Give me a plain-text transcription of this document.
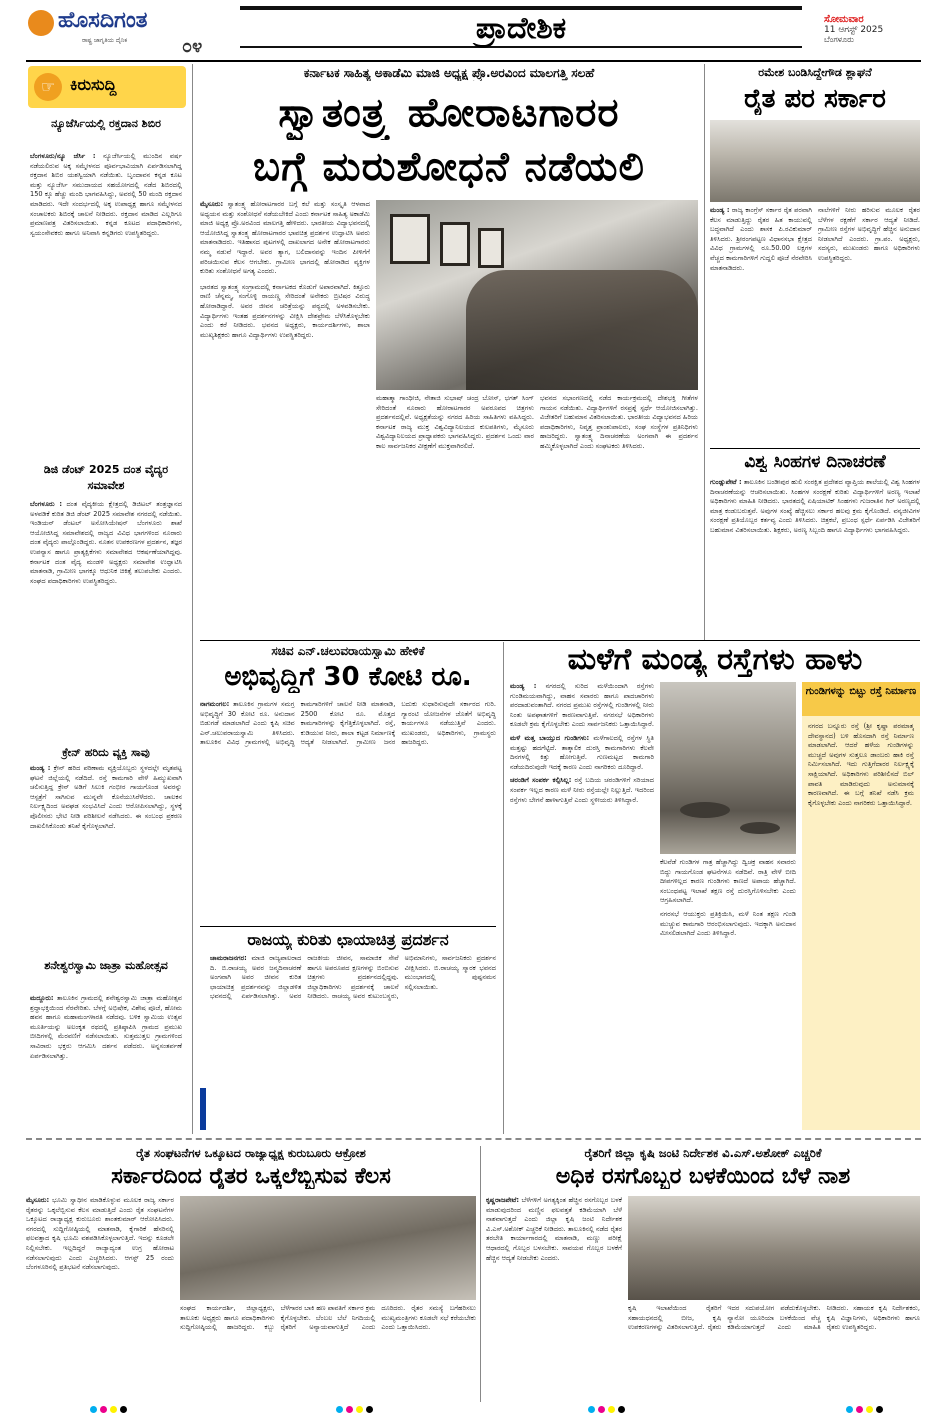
ಹೊಸದಿಗಂತ
ರಾಷ್ಟ್ರ ಜಾಗೃತಿಯ ದೈನಿಕ	೦೪
ಪ್ರಾದೇಶಿಕ	ಸೋಮವಾರ
11 ಆಗಸ್ಟ್ 2025
ಬೆಂಗಳೂರು
☞ ಕಿರುಸುದ್ದಿ
ನ್ಯೂಜೆರ್ಸಿಯಲ್ಲಿ ರಕ್ತದಾನ ಶಿಬಿರ
ಬೆಂಗಳೂರು/ನ್ಯೂ ಜೆರ್ಸಿ : ನ್ಯೂಜೆರ್ಸಿಯಲ್ಲಿ ಮುಂದಿನ ವರ್ಷ ನಡೆಯಲಿರುವ ಅಕ್ಕ ಸಮ್ಮೇಳನದ ಪೂರ್ವಭಾವಿಯಾಗಿ ಏರ್ಪಡಿಸಲಾಗಿದ್ದ ರಕ್ತದಾನ ಶಿಬಿರ ಯಶಸ್ವಿಯಾಗಿ ನಡೆಯಿತು. ಬೃಂದಾವನ ಕನ್ನಡ ಕೂಟ ಮತ್ತು ನ್ಯೂಜೆರ್ಸಿ ಸಮುದಾಯದ ಸಹಯೋಗದಲ್ಲಿ ನಡೆದ ಶಿಬಿರದಲ್ಲಿ 150 ಕ್ಕೂ ಹೆಚ್ಚು ಮಂದಿ ಭಾಗವಹಿಸಿದ್ದು, ಅವರಲ್ಲಿ 50 ಮಂದಿ ರಕ್ತದಾನ ಮಾಡಿದರು. ಇದೇ ಸಂದರ್ಭದಲ್ಲಿ ಅಕ್ಕ ಉಪಾಧ್ಯಕ್ಷ ಹಾಗೂ ಸಮ್ಮೇಳನದ ಸಂಚಾಲಕರು ಶಿಬಿರಕ್ಕೆ ಚಾಲನೆ ನೀಡಿದರು. ರಕ್ತದಾನ ಮಾಡಿದ ಎಲ್ಲರಿಗೂ ಪ್ರಮಾಣಪತ್ರ ವಿತರಿಸಲಾಯಿತು. ಕನ್ನಡ ಕೂಟದ ಪದಾಧಿಕಾರಿಗಳು, ಸ್ವಯಂಸೇವಕರು ಹಾಗೂ ಅನಿವಾಸಿ ಕನ್ನಡಿಗರು ಉಪಸ್ಥಿತರಿದ್ದರು.
ಡಿಜಿ ಡೆಂಟ್ 2025 ದಂತ ವೈದ್ಯರ ಸಮಾವೇಶ
ಬೆಂಗಳೂರು : ದಂತ ವೈದ್ಯಕೀಯ ಕ್ಷೇತ್ರದಲ್ಲಿ ಡಿಜಿಟಲ್ ತಂತ್ರಜ್ಞಾನದ ಅಳವಡಿಕೆ ಕುರಿತ ಡಿಜಿ ಡೆಂಟ್ 2025 ಸಮಾವೇಶ ನಗರದಲ್ಲಿ ನಡೆಯಿತು. ಇಂಡಿಯನ್ ಡೆಂಟಲ್ ಅಸೋಸಿಯೇಷನ್ ಬೆಂಗಳೂರು ಶಾಖೆ ಆಯೋಜಿಸಿದ್ದ ಸಮಾವೇಶದಲ್ಲಿ ರಾಜ್ಯದ ವಿವಿಧ ಭಾಗಗಳಿಂದ ನೂರಾರು ದಂತ ವೈದ್ಯರು ಪಾಲ್ಗೊಂಡಿದ್ದರು. ನೂತನ ಉಪಕರಣಗಳ ಪ್ರದರ್ಶನ, ತಜ್ಞರ ಉಪನ್ಯಾಸ ಹಾಗೂ ಪ್ರಾತ್ಯಕ್ಷಿಕೆಗಳು ಸಮಾವೇಶದ ಆಕರ್ಷಣೆಯಾಗಿದ್ದವು. ಕರ್ನಾಟಕ ದಂತ ವೈದ್ಯ ಮಂಡಳಿ ಅಧ್ಯಕ್ಷರು ಸಮಾವೇಶ ಉದ್ಘಾಟಿಸಿ ಮಾತನಾಡಿ, ಗ್ರಾಮೀಣ ಭಾಗಕ್ಕೂ ಆಧುನಿಕ ಚಿಕಿತ್ಸೆ ತಲುಪಬೇಕು ಎಂದರು. ಸಂಘದ ಪದಾಧಿಕಾರಿಗಳು ಉಪಸ್ಥಿತರಿದ್ದರು.
ಕ್ರೇನ್ ಹರಿದು ವ್ಯಕ್ತಿ ಸಾವು
ಮಂಡ್ಯ : ಕ್ರೇನ್ ಹರಿದ ಪರಿಣಾಮ ವ್ಯಕ್ತಿಯೊಬ್ಬರು ಸ್ಥಳದಲ್ಲೇ ಮೃತಪಟ್ಟ ಘಟನೆ ಜಿಲ್ಲೆಯಲ್ಲಿ ನಡೆದಿದೆ. ರಸ್ತೆ ಕಾಮಗಾರಿ ವೇಳೆ ಹಿಮ್ಮುಖವಾಗಿ ಚಲಿಸುತ್ತಿದ್ದ ಕ್ರೇನ್ ಅಡಿಗೆ ಸಿಲುಕಿ ಗಂಭೀರ ಗಾಯಗೊಂಡ ಅವರನ್ನು ಆಸ್ಪತ್ರೆಗೆ ಸಾಗಿಸುವ ಮುನ್ನವೇ ಕೊನೆಯುಸಿರೆಳೆದರು. ಚಾಲಕನ ನಿರ್ಲಕ್ಷ್ಯದಿಂದ ಅವಘಡ ಸಂಭವಿಸಿದೆ ಎಂದು ಆರೋಪಿಸಲಾಗಿದ್ದು, ಸ್ಥಳಕ್ಕೆ ಪೊಲೀಸರು ಭೇಟಿ ನೀಡಿ ಪರಿಶೀಲನೆ ನಡೆಸಿದರು. ಈ ಸಂಬಂಧ ಪ್ರಕರಣ ದಾಖಲಿಸಿಕೊಂಡು ತನಿಖೆ ಕೈಗೊಳ್ಳಲಾಗಿದೆ.
ಶನೇಶ್ವರಸ್ವಾಮಿ ಜಾತ್ರಾ ಮಹೋತ್ಸವ
ಮದ್ದೂರು: ತಾಲೂಕಿನ ಗ್ರಾಮದಲ್ಲಿ ಶನೇಶ್ವರಸ್ವಾಮಿ ಜಾತ್ರಾ ಮಹೋತ್ಸವ ಶ್ರದ್ಧಾಭಕ್ತಿಯಿಂದ ನೆರವೇರಿತು. ಬೆಳಗ್ಗೆ ಅಭಿಷೇಕ, ವಿಶೇಷ ಪೂಜೆ, ಹೋಮ ಹವನ ಹಾಗೂ ಮಹಾಮಂಗಳಾರತಿ ನಡೆದವು. ಬಳಿಕ ಸ್ವಾಮಿಯ ಉತ್ಸವ ಮೂರ್ತಿಯನ್ನು ಅಲಂಕೃತ ರಥದಲ್ಲಿ ಪ್ರತಿಷ್ಠಾಪಿಸಿ ಗ್ರಾಮದ ಪ್ರಮುಖ ಬೀದಿಗಳಲ್ಲಿ ಮೆರವಣಿಗೆ ನಡೆಸಲಾಯಿತು. ಸುತ್ತಮುತ್ತಲ ಗ್ರಾಮಗಳಿಂದ ಸಾವಿರಾರು ಭಕ್ತರು ಆಗಮಿಸಿ ದರ್ಶನ ಪಡೆದರು. ಅನ್ನಸಂತರ್ಪಣೆ ಏರ್ಪಡಿಸಲಾಗಿತ್ತು.
ಕರ್ನಾಟಕ ಸಾಹಿತ್ಯ ಅಕಾಡೆಮಿ ಮಾಜಿ ಅಧ್ಯಕ್ಷ ಪ್ರೊ.ಅರವಿಂದ ಮಾಲಗತ್ತಿ ಸಲಹೆ
ಸ್ವಾತಂತ್ರ್ಯ ಹೋರಾಟಗಾರರ
ಬಗ್ಗೆ ಮರುಶೋಧನೆ ನಡೆಯಲಿ
ಮೈಸೂರು: ಸ್ವಾತಂತ್ರ್ಯ ಹೋರಾಟಗಾರರ ಬಗ್ಗೆ ಕಲೆ ಮತ್ತು ಸಂಸ್ಕೃತಿ ಆಳವಾದ ಅಧ್ಯಯನ ಮತ್ತು ಸಂಶೋಧನೆ ನಡೆಯಬೇಕಿದೆ ಎಂದು ಕರ್ನಾಟಕ ಸಾಹಿತ್ಯ ಅಕಾಡೆಮಿ ಮಾಜಿ ಅಧ್ಯಕ್ಷ ಪ್ರೊ.ಅರವಿಂದ ಮಾಲಗತ್ತಿ ಹೇಳಿದರು. ಭಾರತೀಯ ವಿದ್ಯಾಭವನದಲ್ಲಿ ಆಯೋಜಿಸಿದ್ದ ಸ್ವಾತಂತ್ರ್ಯ ಹೋರಾಟಗಾರರ ಭಾವಚಿತ್ರ ಪ್ರದರ್ಶನ ಉದ್ಘಾಟಿಸಿ ಅವರು ಮಾತನಾಡಿದರು. ಇತಿಹಾಸದ ಪುಟಗಳಲ್ಲಿ ದಾಖಲಾಗದ ಅನೇಕ ಹೋರಾಟಗಾರರು ನಮ್ಮ ನಡುವೆ ಇದ್ದಾರೆ. ಅವರ ತ್ಯಾಗ, ಬಲಿದಾನವನ್ನು ಇಂದಿನ ಪೀಳಿಗೆಗೆ ಪರಿಚಯಿಸುವ ಕೆಲಸ ಆಗಬೇಕು. ಗ್ರಾಮೀಣ ಭಾಗದಲ್ಲಿ ಹೋರಾಡಿದ ವ್ಯಕ್ತಿಗಳ ಕುರಿತು ಸಂಶೋಧನೆ ಅಗತ್ಯ ಎಂದರು.

ಭಾರತದ ಸ್ವಾತಂತ್ರ್ಯ ಸಂಗ್ರಾಮದಲ್ಲಿ ಕರ್ನಾಟಕದ ಕೊಡುಗೆ ಅಪಾರವಾಗಿದೆ. ಕಿತ್ತೂರು ರಾಣಿ ಚೆನ್ನಮ್ಮ, ಸಂಗೊಳ್ಳಿ ರಾಯಣ್ಣ ಸೇರಿದಂತೆ ಅನೇಕರು ಬ್ರಿಟಿಷರ ವಿರುದ್ಧ ಹೋರಾಡಿದ್ದಾರೆ. ಅವರ ಜೀವನ ಚರಿತ್ರೆಯನ್ನು ಪಠ್ಯದಲ್ಲಿ ಅಳವಡಿಸಬೇಕು. ವಿದ್ಯಾರ್ಥಿಗಳು ಇಂತಹ ಪ್ರದರ್ಶನಗಳನ್ನು ವೀಕ್ಷಿಸಿ ದೇಶಪ್ರೇಮ ಬೆಳೆಸಿಕೊಳ್ಳಬೇಕು ಎಂದು ಕರೆ ನೀಡಿದರು. ಭವನದ ಅಧ್ಯಕ್ಷರು, ಕಾರ್ಯದರ್ಶಿಗಳು, ಶಾಲಾ ಮುಖ್ಯಶಿಕ್ಷಕರು ಹಾಗೂ ವಿದ್ಯಾರ್ಥಿಗಳು ಉಪಸ್ಥಿತರಿದ್ದರು.

ಮಹಾತ್ಮಾ ಗಾಂಧೀಜಿ, ನೇತಾಜಿ ಸುಭಾಷ್ ಚಂದ್ರ ಬೋಸ್, ಭಗತ್ ಸಿಂಗ್ ಸೇರಿದಂತೆ ನೂರಾರು ಹೋರಾಟಗಾರರ ಅಪರೂಪದ ಚಿತ್ರಗಳು ಪ್ರದರ್ಶನದಲ್ಲಿವೆ. ಅಧ್ಯಕ್ಷತೆಯನ್ನು ನಗರದ ಹಿರಿಯ ಸಾಹಿತಿಗಳು ವಹಿಸಿದ್ದರು. ಕರ್ನಾಟಕ ರಾಜ್ಯ ಮುಕ್ತ ವಿಶ್ವವಿದ್ಯಾನಿಲಯದ ಕುಲಪತಿಗಳು, ಮೈಸೂರು ವಿಶ್ವವಿದ್ಯಾನಿಲಯದ ಪ್ರಾಧ್ಯಾಪಕರು ಭಾಗವಹಿಸಿದ್ದರು. ಪ್ರದರ್ಶನ ಒಂದು ವಾರ ಕಾಲ ಸಾರ್ವಜನಿಕರ ವೀಕ್ಷಣೆಗೆ ಮುಕ್ತವಾಗಿರಲಿದೆ.
ಭವನದ ಸಭಾಂಗಣದಲ್ಲಿ ನಡೆದ ಕಾರ್ಯಕ್ರಮದಲ್ಲಿ ದೇಶಭಕ್ತಿ ಗೀತೆಗಳ ಗಾಯನ ನಡೆಯಿತು. ವಿದ್ಯಾರ್ಥಿಗಳಿಗೆ ರಸಪ್ರಶ್ನೆ ಸ್ಪರ್ಧೆ ಆಯೋಜಿಸಲಾಗಿತ್ತು. ವಿಜೇತರಿಗೆ ಬಹುಮಾನ ವಿತರಿಸಲಾಯಿತು. ಭಾರತೀಯ ವಿದ್ಯಾಭವನದ ಹಿರಿಯ ಪದಾಧಿಕಾರಿಗಳು, ನಿವೃತ್ತ ಪ್ರಾಂಶುಪಾಲರು, ಸಂಘ ಸಂಸ್ಥೆಗಳ ಪ್ರತಿನಿಧಿಗಳು ಹಾಜರಿದ್ದರು. ಸ್ವಾತಂತ್ರ್ಯ ದಿನಾಚರಣೆಯ ಅಂಗವಾಗಿ ಈ ಪ್ರದರ್ಶನ ಹಮ್ಮಿಕೊಳ್ಳಲಾಗಿದೆ ಎಂದು ಸಂಘಟಕರು ತಿಳಿಸಿದರು.
ರಮೇಶ ಬಂಡಿಸಿದ್ದೇಗೌಡ ಶ್ಲಾಘನೆ
ರೈತ ಪರ ಸರ್ಕಾರ
ಮಂಡ್ಯ : ರಾಜ್ಯ ಕಾಂಗ್ರೆಸ್ ಸರ್ಕಾರ ರೈತ ಪರವಾಗಿ ಕೆಲಸ ಮಾಡುತ್ತಿದ್ದು ರೈತರ ಹಿತ ಕಾಯುವಲ್ಲಿ ಬದ್ಧವಾಗಿದೆ ಎಂದು ಶಾಸಕ ಪಿ.ರವಿಕುಮಾರ್ ತಿಳಿಸಿದರು. ಶ್ರೀರಂಗಪಟ್ಟಣ ವಿಧಾನಸಭಾ ಕ್ಷೇತ್ರದ ವಿವಿಧ ಗ್ರಾಮಗಳಲ್ಲಿ ರೂ.50.00 ಲಕ್ಷಗಳ ವೆಚ್ಚದ ಕಾಮಗಾರಿಗಳಿಗೆ ಗುದ್ದಲಿ ಪೂಜೆ ನೆರವೇರಿಸಿ ಮಾತನಾಡಿದರು.
ನಾಲೆಗಳಿಗೆ ನೀರು ಹರಿಸುವ ಮೂಲಕ ರೈತರ ಬೆಳೆಗಳ ರಕ್ಷಣೆಗೆ ಸರ್ಕಾರ ಆದ್ಯತೆ ನೀಡಿದೆ. ಗ್ರಾಮೀಣ ರಸ್ತೆಗಳ ಅಭಿವೃದ್ಧಿಗೆ ಹೆಚ್ಚಿನ ಅನುದಾನ ನೀಡಲಾಗಿದೆ ಎಂದರು. ಗ್ರಾ.ಪಂ. ಅಧ್ಯಕ್ಷರು, ಸದಸ್ಯರು, ಮುಖಂಡರು ಹಾಗೂ ಅಧಿಕಾರಿಗಳು ಉಪಸ್ಥಿತರಿದ್ದರು.
ವಿಶ್ವ ಸಿಂಹಗಳ ದಿನಾಚರಣೆ
ಗುಂಡ್ಲುಪೇಟೆ : ತಾಲೂಕಿನ ಬಂಡೀಪುರ ಹುಲಿ ಸಂರಕ್ಷಿತ ಪ್ರದೇಶದ ವ್ಯಾಪ್ತಿಯ ಶಾಲೆಯಲ್ಲಿ ವಿಶ್ವ ಸಿಂಹಗಳ ದಿನಾಚರಣೆಯನ್ನು ಆಚರಿಸಲಾಯಿತು. ಸಿಂಹಗಳ ಸಂರಕ್ಷಣೆ ಕುರಿತು ವಿದ್ಯಾರ್ಥಿಗಳಿಗೆ ಅರಣ್ಯ ಇಲಾಖೆ ಅಧಿಕಾರಿಗಳು ಮಾಹಿತಿ ನೀಡಿದರು. ಭಾರತದಲ್ಲಿ ಏಷಿಯಾಟಿಕ್ ಸಿಂಹಗಳು ಗುಜರಾತಿನ ಗಿರ್ ಅರಣ್ಯದಲ್ಲಿ ಮಾತ್ರ ಕಂಡುಬರುತ್ತವೆ. ಅವುಗಳ ಸಂಖ್ಯೆ ಹೆಚ್ಚಿಸಲು ಸರ್ಕಾರ ಹಲವು ಕ್ರಮ ಕೈಗೊಂಡಿದೆ. ವನ್ಯಜೀವಿಗಳ ಸಂರಕ್ಷಣೆ ಪ್ರತಿಯೊಬ್ಬರ ಕರ್ತವ್ಯ ಎಂದು ತಿಳಿಸಿದರು. ಚಿತ್ರಕಲೆ, ಪ್ರಬಂಧ ಸ್ಪರ್ಧೆ ಏರ್ಪಡಿಸಿ ವಿಜೇತರಿಗೆ ಬಹುಮಾನ ವಿತರಿಸಲಾಯಿತು. ಶಿಕ್ಷಕರು, ಅರಣ್ಯ ಸಿಬ್ಬಂದಿ ಹಾಗೂ ವಿದ್ಯಾರ್ಥಿಗಳು ಭಾಗವಹಿಸಿದ್ದರು.
ಸಚಿವ ಎನ್.ಚಲುವರಾಯಸ್ವಾಮಿ ಹೇಳಿಕೆ
ಅಭಿವೃದ್ಧಿಗೆ 30 ಕೋಟಿ ರೂ.
ನಾಗಮಂಗಲ: ತಾಲೂಕಿನ ಗ್ರಾಮಗಳ ಸಮಗ್ರ ಅಭಿವೃದ್ಧಿಗೆ 30 ಕೋಟಿ ರೂ. ಅನುದಾನ ಬಿಡುಗಡೆ ಮಾಡಲಾಗಿದೆ ಎಂದು ಕೃಷಿ ಸಚಿವ ಎನ್.ಚಲುವರಾಯಸ್ವಾಮಿ ತಿಳಿಸಿದರು. ತಾಲೂಕಿನ ವಿವಿಧ ಗ್ರಾಮಗಳಲ್ಲಿ ಅಭಿವೃದ್ಧಿ ಕಾಮಗಾರಿಗಳಿಗೆ ಚಾಲನೆ ನೀಡಿ ಮಾತನಾಡಿ, 2500 ಕೋಟಿ ರೂ. ಮೊತ್ತದ ಕಾಮಗಾರಿಗಳನ್ನು ಕೈಗೆತ್ತಿಕೊಳ್ಳಲಾಗಿದೆ. ರಸ್ತೆ, ಕುಡಿಯುವ ನೀರು, ಶಾಲಾ ಕಟ್ಟಡ ನಿರ್ಮಾಣಕ್ಕೆ ಆದ್ಯತೆ ನೀಡಲಾಗಿದೆ. ಗ್ರಾಮೀಣ ಜನರ ಬದುಕು ಸುಧಾರಿಸುವುದೇ ಸರ್ಕಾರದ ಗುರಿ. ಗ್ಯಾರಂಟಿ ಯೋಜನೆಗಳ ಜೊತೆಗೆ ಅಭಿವೃದ್ಧಿ ಕಾರ್ಯಗಳೂ ನಡೆಯುತ್ತಿವೆ ಎಂದರು. ಮುಖಂಡರು, ಅಧಿಕಾರಿಗಳು, ಗ್ರಾಮಸ್ಥರು ಹಾಜರಿದ್ದರು.
ರಾಜಯ್ಯ ಕುರಿತು ಛಾಯಾಚಿತ್ರ ಪ್ರದರ್ಶನ
ಚಾಮರಾಜನಗರ: ಮಾಜಿ ರಾಜ್ಯಪಾಲರಾದ ದಿ. ಬಿ.ರಾಚಯ್ಯ ಅವರ ಜನ್ಮದಿನಾಚರಣೆ ಅಂಗವಾಗಿ ಅವರ ಜೀವನ ಕುರಿತ ಛಾಯಾಚಿತ್ರ ಪ್ರದರ್ಶನವನ್ನು ಜಿಲ್ಲಾಡಳಿತ ಭವನದಲ್ಲಿ ಏರ್ಪಡಿಸಲಾಗಿತ್ತು. ಅವರ ರಾಜಕೀಯ ಜೀವನ, ಸಾಮಾಜಿಕ ಸೇವೆ ಹಾಗೂ ಅಪರೂಪದ ಕ್ಷಣಗಳನ್ನು ಬಿಂಬಿಸುವ ಚಿತ್ರಗಳು ಪ್ರದರ್ಶನದಲ್ಲಿದ್ದವು. ಜಿಲ್ಲಾಧಿಕಾರಿಗಳು ಪ್ರದರ್ಶನಕ್ಕೆ ಚಾಲನೆ ನೀಡಿದರು. ರಾಚಯ್ಯ ಅವರ ಕುಟುಂಬಸ್ಥರು, ಅಭಿಮಾನಿಗಳು, ಸಾರ್ವಜನಿಕರು ಪ್ರದರ್ಶನ ವೀಕ್ಷಿಸಿದರು. ಬಿ.ರಾಚಯ್ಯ ಸ್ಮಾರಕ ಭವನದ ಮುಂಭಾಗದಲ್ಲಿ ಪುಷ್ಪನಮನ ಸಲ್ಲಿಸಲಾಯಿತು.
ಮಳೆಗೆ ಮಂಡ್ಯ ರಸ್ತೆಗಳು ಹಾಳು
ಮಂಡ್ಯ : ನಗರದಲ್ಲಿ ಸುರಿದ ಮಳೆಯಿಂದಾಗಿ ರಸ್ತೆಗಳು ಗುಂಡಿಮಯವಾಗಿದ್ದು, ವಾಹನ ಸವಾರರು ಹಾಗೂ ಪಾದಚಾರಿಗಳು ಪರದಾಡುವಂತಾಗಿದೆ. ನಗರದ ಪ್ರಮುಖ ರಸ್ತೆಗಳಲ್ಲಿ ಗುಂಡಿಗಳಲ್ಲಿ ನೀರು ನಿಂತು ಅಪಘಾತಗಳಿಗೆ ಕಾರಣವಾಗುತ್ತಿವೆ. ನಗರಸಭೆ ಅಧಿಕಾರಿಗಳು ಕೂಡಲೇ ಕ್ರಮ ಕೈಗೊಳ್ಳಬೇಕು ಎಂದು ಸಾರ್ವಜನಿಕರು ಒತ್ತಾಯಿಸಿದ್ದಾರೆ.

ಮಳೆ ಮತ್ತ ಬಾಯ್ತುದ ಗುಂಡಿಗಳು: ಮಳೆಗಾಲದಲ್ಲಿ ರಸ್ತೆಗಳ ಸ್ಥಿತಿ ಮತ್ತಷ್ಟು ಹದಗೆಟ್ಟಿದೆ. ತಾತ್ಕಾಲಿಕ ದುರಸ್ತಿ ಕಾಮಗಾರಿಗಳು ಕೆಲವೇ ದಿನಗಳಲ್ಲಿ ಕಿತ್ತು ಹೋಗುತ್ತಿವೆ. ಗುಣಮಟ್ಟದ ಕಾಮಗಾರಿ ನಡೆಯದಿರುವುದೇ ಇದಕ್ಕೆ ಕಾರಣ ಎಂದು ನಾಗರಿಕರು ದೂರಿದ್ದಾರೆ.

ಚರಂಡಿಗೆ ಸಂಪರ್ಕ ಕಲ್ಪಿಸಿಲ್ಲ: ರಸ್ತೆ ಬದಿಯ ಚರಂಡಿಗಳಿಗೆ ಸರಿಯಾದ ಸಂಪರ್ಕ ಇಲ್ಲದ ಕಾರಣ ಮಳೆ ನೀರು ರಸ್ತೆಯಲ್ಲೇ ನಿಲ್ಲುತ್ತಿದೆ. ಇದರಿಂದ ರಸ್ತೆಗಳು ಬೇಗನೆ ಹಾಳಾಗುತ್ತಿವೆ ಎಂದು ಸ್ಥಳೀಯರು ತಿಳಿಸಿದ್ದಾರೆ.

ಕೆಲವೆಡೆ ಗುಂಡಿಗಳ ಗಾತ್ರ ಹೆಚ್ಚಾಗಿದ್ದು ದ್ವಿಚಕ್ರ ವಾಹನ ಸವಾರರು ಬಿದ್ದು ಗಾಯಗೊಂಡ ಘಟನೆಗಳೂ ನಡೆದಿವೆ. ರಾತ್ರಿ ವೇಳೆ ಬೀದಿ ದೀಪಗಳಿಲ್ಲದ ಕಾರಣ ಗುಂಡಿಗಳು ಕಾಣದೆ ಅಪಾಯ ಹೆಚ್ಚಾಗಿದೆ. ಸಂಬಂಧಪಟ್ಟ ಇಲಾಖೆ ತಕ್ಷಣ ರಸ್ತೆ ದುರಸ್ತಿಗೊಳಿಸಬೇಕು ಎಂದು ಆಗ್ರಹಿಸಲಾಗಿದೆ.

ನಗರಸಭೆ ಆಯುಕ್ತರು ಪ್ರತಿಕ್ರಿಯಿಸಿ, ಮಳೆ ನಿಂತ ತಕ್ಷಣ ಗುಂಡಿ ಮುಚ್ಚುವ ಕಾಮಗಾರಿ ಆರಂಭಿಸಲಾಗುವುದು. ಇದಕ್ಕಾಗಿ ಅನುದಾನ ಮೀಸಲಿಡಲಾಗಿದೆ ಎಂದು ತಿಳಿಸಿದ್ದಾರೆ.

ಗುಂಡಿಗಳನ್ನು ಬಿಟ್ಟು ರಸ್ತೆ ನಿರ್ಮಾಣ
ನಗರದ ಬನ್ನೂರು ರಸ್ತೆ (ಶ್ರೀ ಕೃಷ್ಣಾ ಪರಮಾತ್ಮ ದೇವಸ್ಥಾನದ) ಬಳಿ ಹೊಸದಾಗಿ ರಸ್ತೆ ನಿರ್ಮಾಣ ಮಾಡಲಾಗಿದೆ. ಆದರೆ ಹಳೆಯ ಗುಂಡಿಗಳನ್ನು ಮುಚ್ಚದೆ ಅವುಗಳ ಸುತ್ತಲೂ ಡಾಂಬರು ಹಾಕಿ ರಸ್ತೆ ನಿರ್ಮಿಸಲಾಗಿದೆ. ಇದು ಗುತ್ತಿಗೆದಾರರ ನಿರ್ಲಕ್ಷ್ಯಕ್ಕೆ ಸಾಕ್ಷಿಯಾಗಿದೆ. ಅಧಿಕಾರಿಗಳು ಪರಿಶೀಲಿಸದೆ ಬಿಲ್ ಪಾವತಿ ಮಾಡಿರುವುದು ಅನುಮಾನಕ್ಕೆ ಕಾರಣವಾಗಿದೆ. ಈ ಬಗ್ಗೆ ತನಿಖೆ ನಡೆಸಿ ಕ್ರಮ ಕೈಗೊಳ್ಳಬೇಕು ಎಂದು ನಾಗರಿಕರು ಒತ್ತಾಯಿಸಿದ್ದಾರೆ.
ರೈತ ಸಂಘಟನೆಗಳ ಒಕ್ಕೂಟದ ರಾಜ್ಯಾಧ್ಯಕ್ಷ ಕುರುಬೂರು ಆಕ್ರೋಶ
ಸರ್ಕಾರದಿಂದ ರೈತರ ಒಕ್ಕಲೆಬ್ಬಿಸುವ ಕೆಲಸ
ಮೈಸೂರು: ಭೂಮಿ ಸ್ವಾಧೀನ ಮಾಡಿಕೊಳ್ಳುವ ಮೂಲಕ ರಾಜ್ಯ ಸರ್ಕಾರ ರೈತರನ್ನು ಒಕ್ಕಲೆಬ್ಬಿಸುವ ಕೆಲಸ ಮಾಡುತ್ತಿದೆ ಎಂದು ರೈತ ಸಂಘಟನೆಗಳ ಒಕ್ಕೂಟದ ರಾಜ್ಯಾಧ್ಯಕ್ಷ ಕುರುಬೂರು ಶಾಂತಕುಮಾರ್ ಆರೋಪಿಸಿದರು. ನಗರದಲ್ಲಿ ಸುದ್ದಿಗೋಷ್ಠಿಯಲ್ಲಿ ಮಾತನಾಡಿ, ಕೈಗಾರಿಕೆ ಹೆಸರಿನಲ್ಲಿ ಫಲವತ್ತಾದ ಕೃಷಿ ಭೂಮಿ ವಶಪಡಿಸಿಕೊಳ್ಳಲಾಗುತ್ತಿದೆ. ಇದನ್ನು ಕೂಡಲೇ ನಿಲ್ಲಿಸಬೇಕು. ಇಲ್ಲದಿದ್ದರೆ ರಾಜ್ಯಾದ್ಯಂತ ಉಗ್ರ ಹೋರಾಟ ನಡೆಸಲಾಗುವುದು ಎಂದು ಎಚ್ಚರಿಸಿದರು. ಆಗಸ್ಟ್ 25 ರಂದು ಬೆಂಗಳೂರಿನಲ್ಲಿ ಪ್ರತಿಭಟನೆ ನಡೆಸಲಾಗುವುದು.
ಸಂಘದ ಕಾರ್ಯದರ್ಶಿ, ಜಿಲ್ಲಾಧ್ಯಕ್ಷರು, ತಾಲೂಕು ಅಧ್ಯಕ್ಷರು ಹಾಗೂ ಪದಾಧಿಕಾರಿಗಳು ಸುದ್ದಿಗೋಷ್ಠಿಯಲ್ಲಿ ಹಾಜರಿದ್ದರು. ಕಬ್ಬು ಬೆಳೆಗಾರರ ಬಾಕಿ ಹಣ ಪಾವತಿಗೆ ಸರ್ಕಾರ ಕ್ರಮ ಕೈಗೊಳ್ಳಬೇಕು. ಬೆಂಬಲ ಬೆಲೆ ನಿಗದಿಯಲ್ಲಿ ರೈತರಿಗೆ ಅನ್ಯಾಯವಾಗುತ್ತಿದೆ ಎಂದು ದೂರಿದರು. ರೈತರ ಸಮಸ್ಯೆ ಬಗೆಹರಿಸಲು ಮುಖ್ಯಮಂತ್ರಿಗಳು ಕೂಡಲೇ ಸಭೆ ಕರೆಯಬೇಕು ಎಂದು ಒತ್ತಾಯಿಸಿದರು.
ರೈತರಿಗೆ ಜಿಲ್ಲಾ ಕೃಷಿ ಜಂಟಿ ನಿರ್ದೇಶಕ ವಿ.ಎಸ್.ಅಶೋಕ್ ಎಚ್ಚರಿಕೆ
ಅಧಿಕ ರಸಗೊಬ್ಬರ ಬಳಕೆಯಿಂದ ಬೆಳೆ ನಾಶ
ಕೃಷ್ಣರಾಜಪೇಟೆ: ಬೆಳೆಗಳಿಗೆ ಅಗತ್ಯಕ್ಕಿಂತ ಹೆಚ್ಚಿನ ರಸಗೊಬ್ಬರ ಬಳಕೆ ಮಾಡುವುದರಿಂದ ಮಣ್ಣಿನ ಫಲವತ್ತತೆ ಕಡಿಮೆಯಾಗಿ ಬೆಳೆ ನಾಶವಾಗುತ್ತದೆ ಎಂದು ಜಿಲ್ಲಾ ಕೃಷಿ ಜಂಟಿ ನಿರ್ದೇಶಕ ವಿ.ಎಸ್.ಅಶೋಕ್ ಎಚ್ಚರಿಕೆ ನೀಡಿದರು. ತಾಲೂಕಿನಲ್ಲಿ ನಡೆದ ರೈತರ ತರಬೇತಿ ಕಾರ್ಯಾಗಾರದಲ್ಲಿ ಮಾತನಾಡಿ, ಮಣ್ಣು ಪರೀಕ್ಷೆ ಆಧಾರದಲ್ಲಿ ಗೊಬ್ಬರ ಬಳಸಬೇಕು. ಸಾವಯವ ಗೊಬ್ಬರ ಬಳಕೆಗೆ ಹೆಚ್ಚಿನ ಆದ್ಯತೆ ನೀಡಬೇಕು ಎಂದರು.
ಕೃಷಿ ಇಲಾಖೆಯಿಂದ ರೈತರಿಗೆ ಸಹಾಯಧನದಲ್ಲಿ ಬೀಜ, ಕೃಷಿ ಉಪಕರಣಗಳನ್ನು ವಿತರಿಸಲಾಗುತ್ತಿದೆ. ರೈತರು ಇದರ ಸದುಪಯೋಗ ಪಡೆದುಕೊಳ್ಳಬೇಕು. ನ್ಯಾನೋ ಯೂರಿಯಾ ಬಳಕೆಯಿಂದ ವೆಚ್ಚ ಕಡಿಮೆಯಾಗುತ್ತದೆ ಎಂದು ಮಾಹಿತಿ ನೀಡಿದರು. ಸಹಾಯಕ ಕೃಷಿ ನಿರ್ದೇಶಕರು, ಕೃಷಿ ವಿಜ್ಞಾನಿಗಳು, ಅಧಿಕಾರಿಗಳು ಹಾಗೂ ರೈತರು ಉಪಸ್ಥಿತರಿದ್ದರು.
